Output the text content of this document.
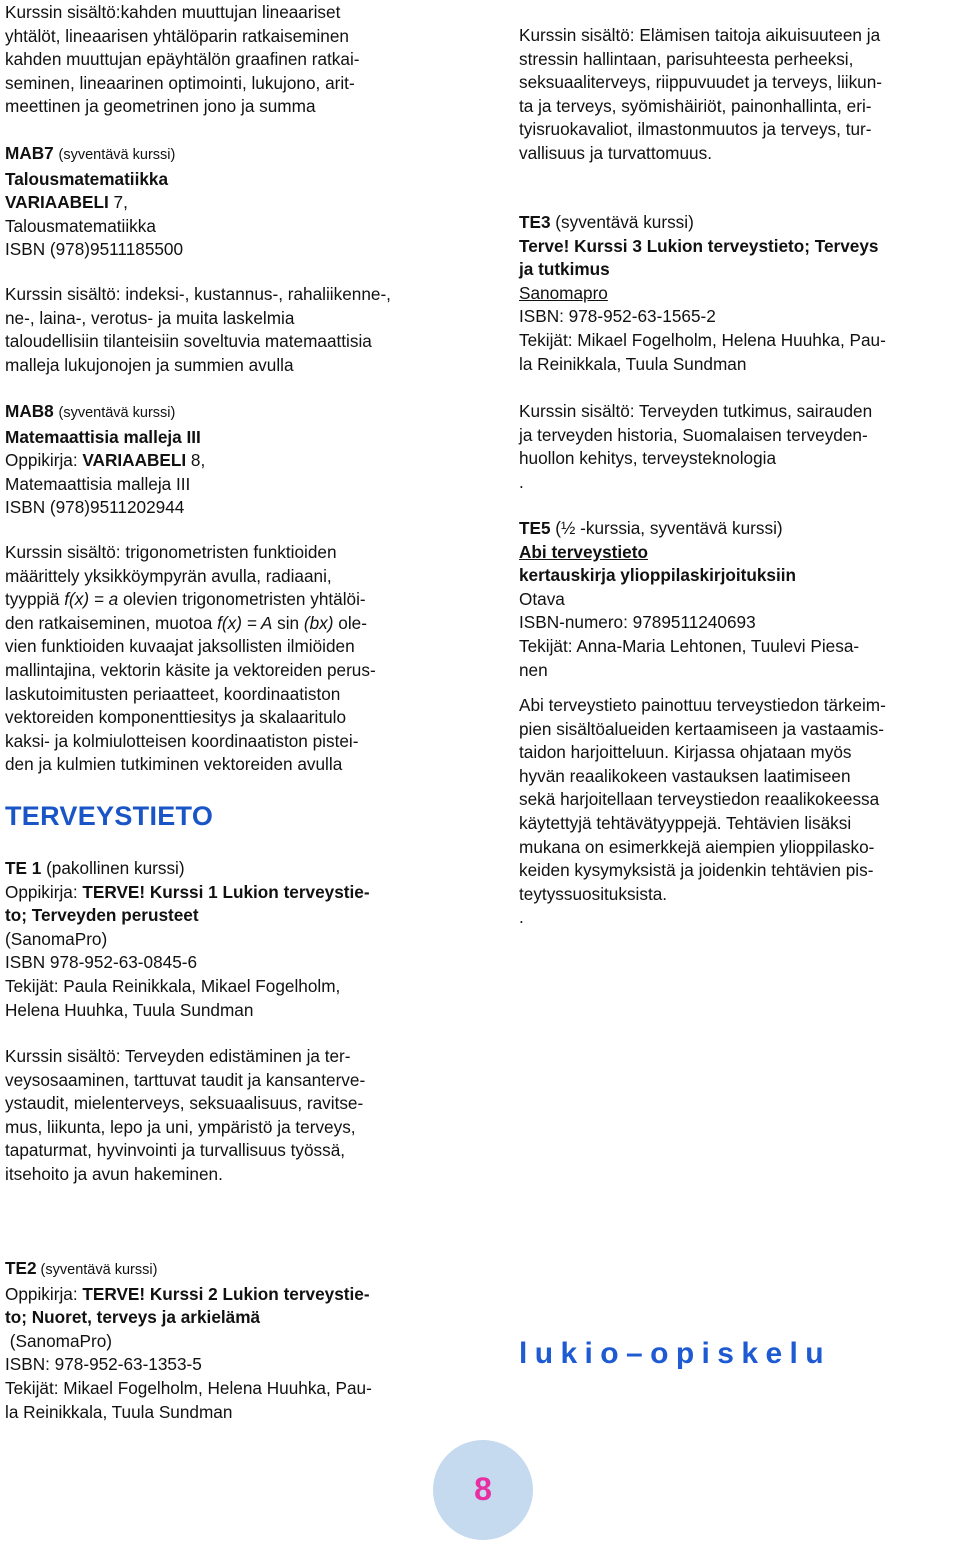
Kurssin sisältö:kahden muuttujan lineaariset
yhtälöt, lineaarisen yhtälöparin ratkaiseminen
kahden muuttujan epäyhtälön graafinen ratkai-
seminen, lineaarinen optimointi, lukujono, arit-
meettinen ja geometrinen jono ja summa
MAB7 (syventävä kurssi)
Talousmatematiikka
VARIAABELI 7,
Talousmatematiikka
ISBN (978)9511185500
Kurssin sisältö: indeksi-, kustannus-, rahaliikenne-,
ne-, laina-, verotus- ja muita laskelmia
taloudellisiin tilanteisiin soveltuvia matemaattisia
malleja lukujonojen ja summien avulla
MAB8 (syventävä kurssi)
Matemaattisia malleja III
Oppikirja: VARIAABELI 8,
Matemaattisia malleja III
ISBN (978)9511202944
Kurssin sisältö: trigonometristen funktioiden
määrittely yksikköympyrän avulla, radiaani,
tyyppiä f(x) = a olevien trigonometristen yhtälöi-
den ratkaiseminen, muotoa f(x) = A sin (bx) ole-
vien funktioiden kuvaajat jaksollisten ilmiöiden
mallintajina, vektorin käsite ja vektoreiden perus-
laskutoimitusten periaatteet, koordinaatiston
vektoreiden komponenttiesitys ja skalaaritulo
kaksi- ja kolmiulotteisen koordinaatiston pistei-
den ja kulmien tutkiminen vektoreiden avulla
TE 1 (pakollinen kurssi)
Oppikirja: TERVE! Kurssi 1 Lukion terveystie-
to; Terveyden perusteet
(SanomaPro)
ISBN 978-952-63-0845-6
Tekijät: Paula Reinikkala, Mikael Fogelholm,
Helena Huuhka, Tuula Sundman
Kurssin sisältö: Terveyden edistäminen ja ter-
veysosaaminen, tarttuvat taudit ja kansanterve-
ystaudit, mielenterveys, seksuaalisuus, ravitse-
mus, liikunta, lepo ja uni, ympäristö ja terveys,
tapaturmat, hyvinvointi ja turvallisuus työssä,
itsehoito ja avun hakeminen.
TE2 (syventävä kurssi)
Oppikirja: TERVE! Kurssi 2 Lukion terveystie-
to; Nuoret, terveys ja arkielämä
(SanomaPro)
ISBN: 978-952-63-1353-5
Tekijät: Mikael Fogelholm, Helena Huuhka, Pau-
la Reinikkala, Tuula Sundman
TERVEYSTIETO
Kurssin sisältö: Elämisen taitoja aikuisuuteen ja
stressin hallintaan, parisuhteesta perheeksi,
seksuaaliterveys, riippuvuudet ja terveys, liikun-
ta ja terveys, syömishäiriöt, painonhallinta, eri-
tyisruokavaliot, ilmastonmuutos ja terveys, tur-
vallisuus ja turvattomuus.
TE3 (syventävä kurssi)
Terve! Kurssi 3 Lukion terveystieto; Terveys
ja tutkimus
Sanomapro
ISBN: 978-952-63-1565-2
Tekijät: Mikael Fogelholm, Helena Huuhka, Pau-
la Reinikkala, Tuula Sundman
Kurssin sisältö: Terveyden tutkimus, sairauden
ja terveyden historia, Suomalaisen terveyden-
huollon kehitys, terveysteknologia
.
TE5 (½ -kurssia, syventävä kurssi)
Abi terveystieto
kertauskirja ylioppilaskirjoituksiin
Otava
ISBN-numero: 9789511240693
Tekijät: Anna-Maria Lehtonen, Tuulevi Piesa-
nen
Abi terveystieto painottuu terveystiedon tärkeim-
pien sisältöalueiden kertaamiseen ja vastaamis-
taidon harjoitteluun. Kirjassa ohjataan myös
hyvän reaalikokeen vastauksen laatimiseen
sekä harjoitellaan terveystiedon reaalikokeessa
käytettyjä tehtävätyyppejä. Tehtävien lisäksi
mukana on esimerkkejä aiempien ylioppilasko-
keiden kysymyksistä ja joidenkin tehtävien pis-
teytyssuosituksista.
.
lukio–opiskelu
8
